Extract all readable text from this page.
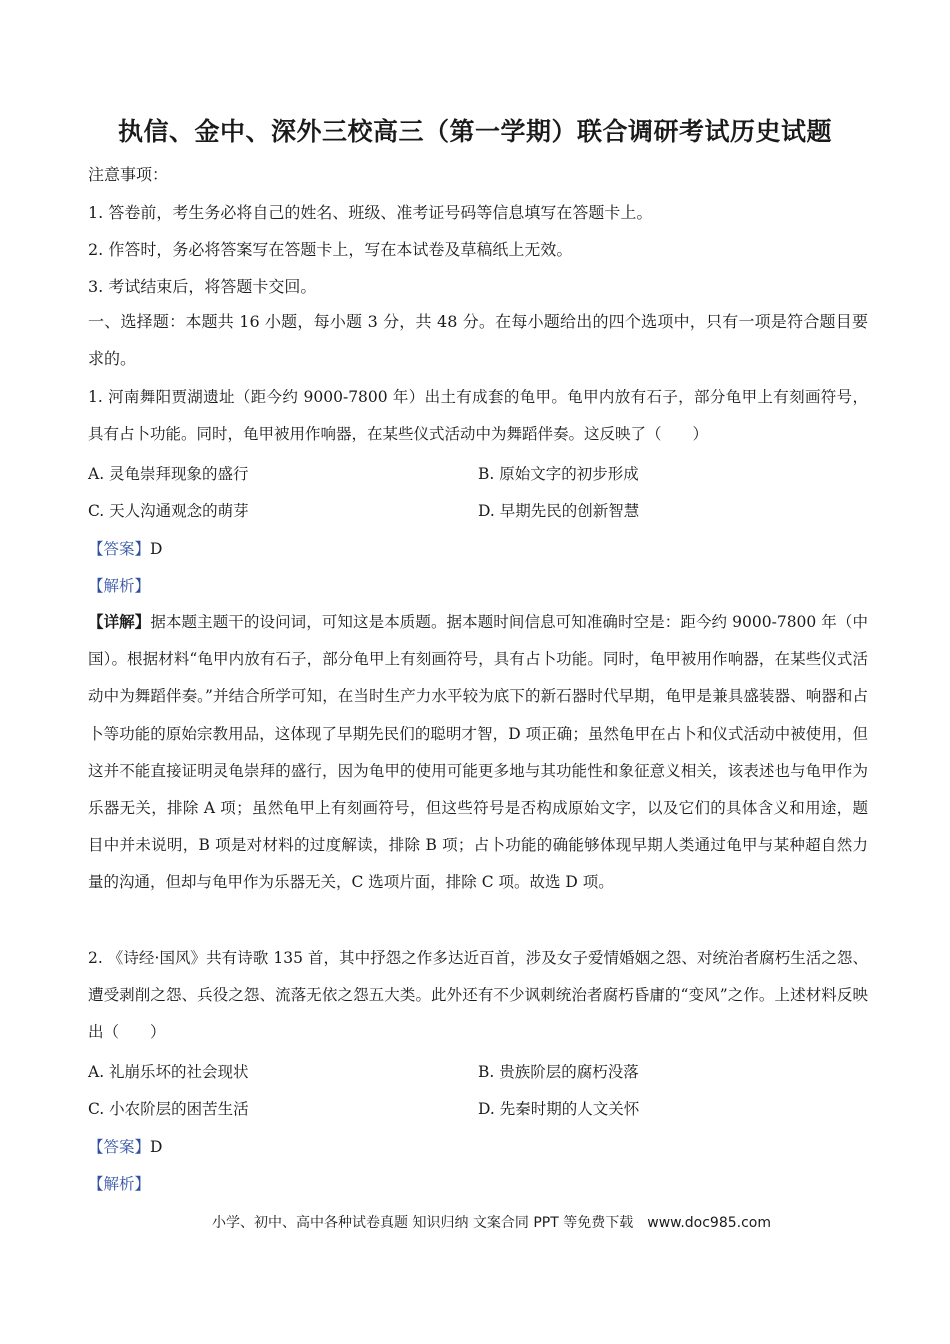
执信、金中、深外三校高三（第一学期）联合调研考试历史试题
注意事项：
1. 答卷前，考生务必将自己的姓名、班级、准考证号码等信息填写在答题卡上。
2. 作答时，务必将答案写在答题卡上，写在本试卷及草稿纸上无效。
3. 考试结束后，将答题卡交回。
一、选择题：本题共 16 小题，每小题 3 分，共 48 分。在每小题给出的四个选项中，只有一项是符合题目要求的。
1. 河南舞阳贾湖遗址（距今约 9000-7800 年）出土有成套的龟甲。龟甲内放有石子，部分龟甲上有刻画符号，具有占卜功能。同时，龟甲被用作响器，在某些仪式活动中为舞蹈伴奏。这反映了（　　）
A. 灵龟崇拜现象的盛行	B. 原始文字的初步形成
C. 天人沟通观念的萌芽	D. 早期先民的创新智慧
【答案】D
【解析】
【详解】据本题主题干的设问词，可知这是本质题。据本题时间信息可知准确时空是：距今约 9000-7800 年（中国）。根据材料“龟甲内放有石子，部分龟甲上有刻画符号，具有占卜功能。同时，龟甲被用作响器，在某些仪式活动中为舞蹈伴奏。”并结合所学可知，在当时生产力水平较为底下的新石器时代早期，龟甲是兼具盛装器、响器和占卜等功能的原始宗教用品，这体现了早期先民们的聪明才智，D 项正确；虽然龟甲在占卜和仪式活动中被使用，但这并不能直接证明灵龟崇拜的盛行，因为龟甲的使用可能更多地与其功能性和象征意义相关，该表述也与龟甲作为乐器无关，排除 A 项；虽然龟甲上有刻画符号，但这些符号是否构成原始文字，以及它们的具体含义和用途，题目中并未说明，B 项是对材料的过度解读，排除 B 项；占卜功能的确能够体现早期人类通过龟甲与某种超自然力量的沟通，但却与龟甲作为乐器无关，C 选项片面，排除 C 项。故选 D 项。
2. 《诗经·国风》共有诗歌 135 首，其中抒怨之作多达近百首，涉及女子爱情婚姻之怨、对统治者腐朽生活之怨、遭受剥削之怨、兵役之怨、流落无依之怨五大类。此外还有不少讽刺统治者腐朽昏庸的“变风”之作。上述材料反映出（　　）
A. 礼崩乐坏的社会现状	B. 贵族阶层的腐朽没落
C. 小农阶层的困苦生活	D. 先秦时期的人文关怀
【答案】D
【解析】
小学、初中、高中各种试卷真题 知识归纳 文案合同 PPT 等免费下载 www.doc985.com
